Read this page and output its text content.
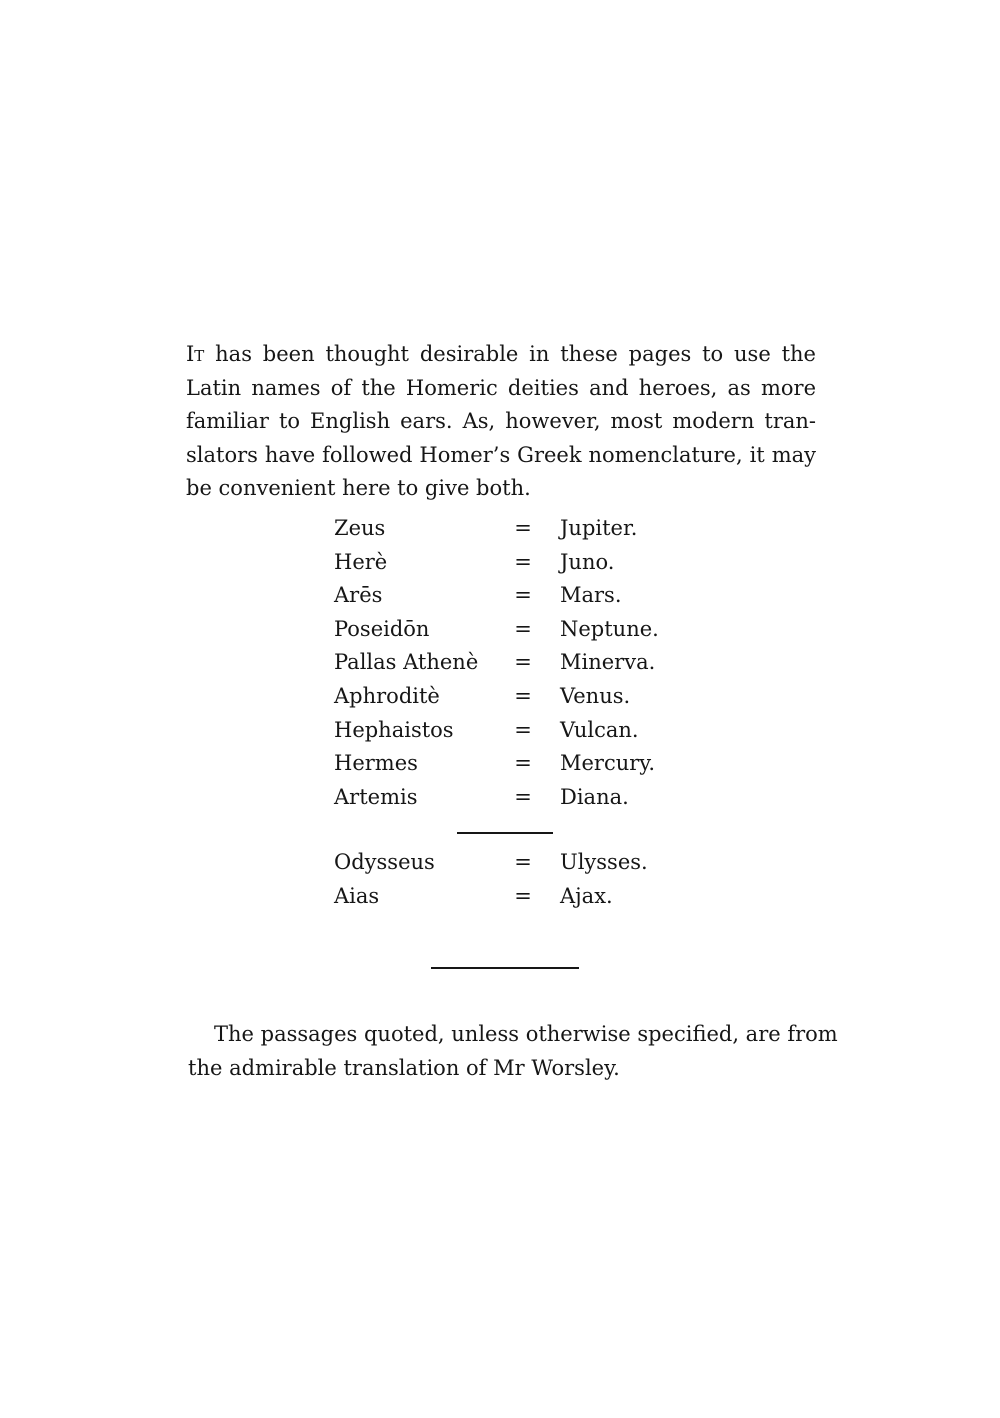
It has been thought desirable in these pages to use the
Latin names of the Homeric deities and heroes, as more
familiar to English ears. As, however, most modern tran-
slators have followed Homer’s Greek nomenclature, it may
be convenient here to give both.
Zeus	= Jupiter.
Herè	= Juno.
Arēs	= Mars.
Poseidōn	= Neptune.
Pallas Athenè = Minerva.
Aphroditè	= Venus.
Hephaistos	= Vulcan.
Hermes	= Mercury.
Artemis	= Diana.
Odysseus	= Ulysses.
Aias	= Ajax.
The passages quoted, unless otherwise specified, are from
the admirable translation of Mr Worsley.
